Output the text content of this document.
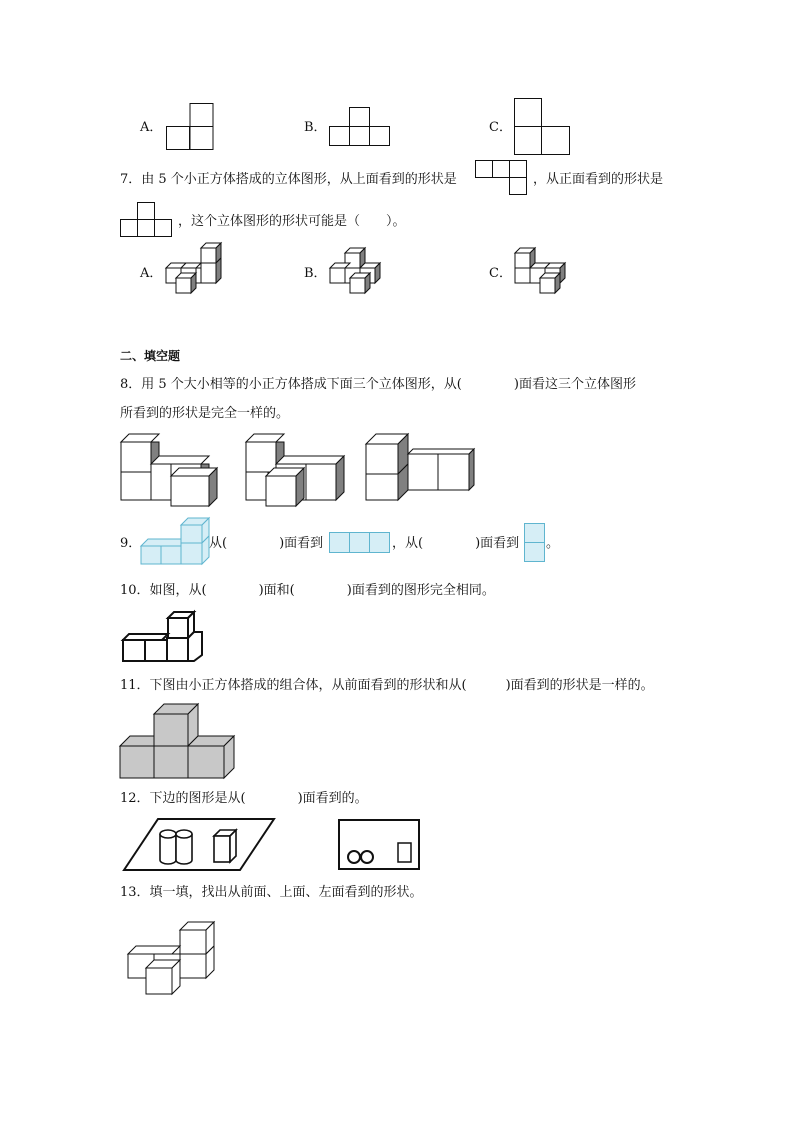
A．	B．	C．
7．由 5 个小正方体搭成的立体图形，从上面看到的形状是	，从正面看到的形状是
，这个立体图形的形状可能是（　　）。
A．	B．	C．
二、填空题
8．用 5 个大小相等的小正方体搭成下面三个立体图形，从(　　　　)面看这三个立体图形
所看到的形状是完全一样的。
9．	从(　　　　)面看到	，从(　　　　)面看到 。
10．如图，从(　　　　)面和(　　　　)面看到的图形完全相同。
11．下图由小正方体搭成的组合体，从前面看到的形状和从(　　　)面看到的形状是一样的。
12．下边的图形是从(　　　　)面看到的。
13．填一填，找出从前面、上面、左面看到的形状。
